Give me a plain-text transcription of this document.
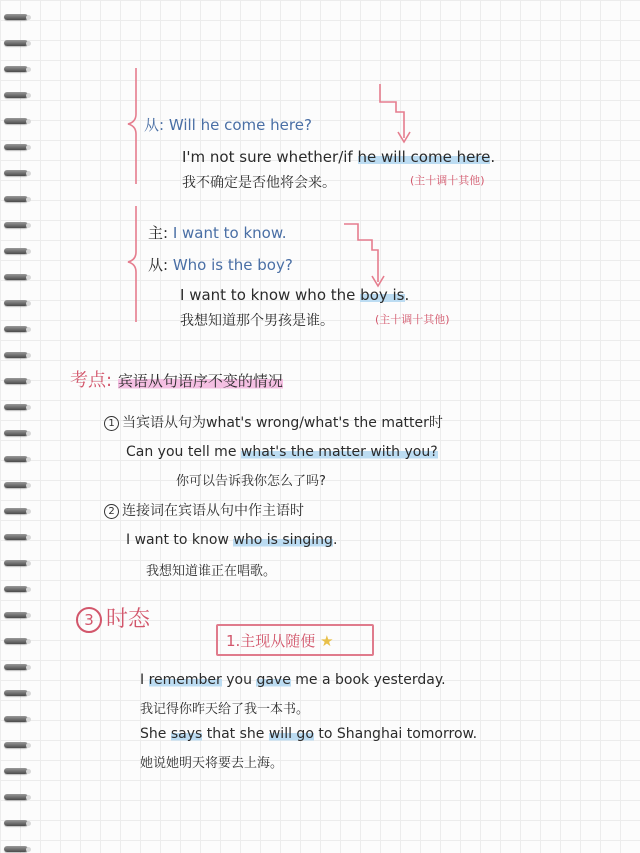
从: Will he come here?
I'm not sure whether/if he will come here.
我不确定是否他将会来。	(主十调十其他)
主: I want to know.
从: Who is the boy?
I want to know who the boy is.
我想知道那个男孩是谁。	(主十调十其他)
考点: 宾语从句语序不变的情况
1 当宾语从句为what's wrong/what's the matter时
Can you tell me what's the matter with you?
你可以告诉我你怎么了吗?
2 连接词在宾语从句中作主语时
I want to know who is singing.
我想知道谁正在唱歌。
3 时态
1.主现从随便 ★
I remember you gave me a book yesterday.
我记得你昨天给了我一本书。
She says that she will go to Shanghai tomorrow.
她说她明天将要去上海。
